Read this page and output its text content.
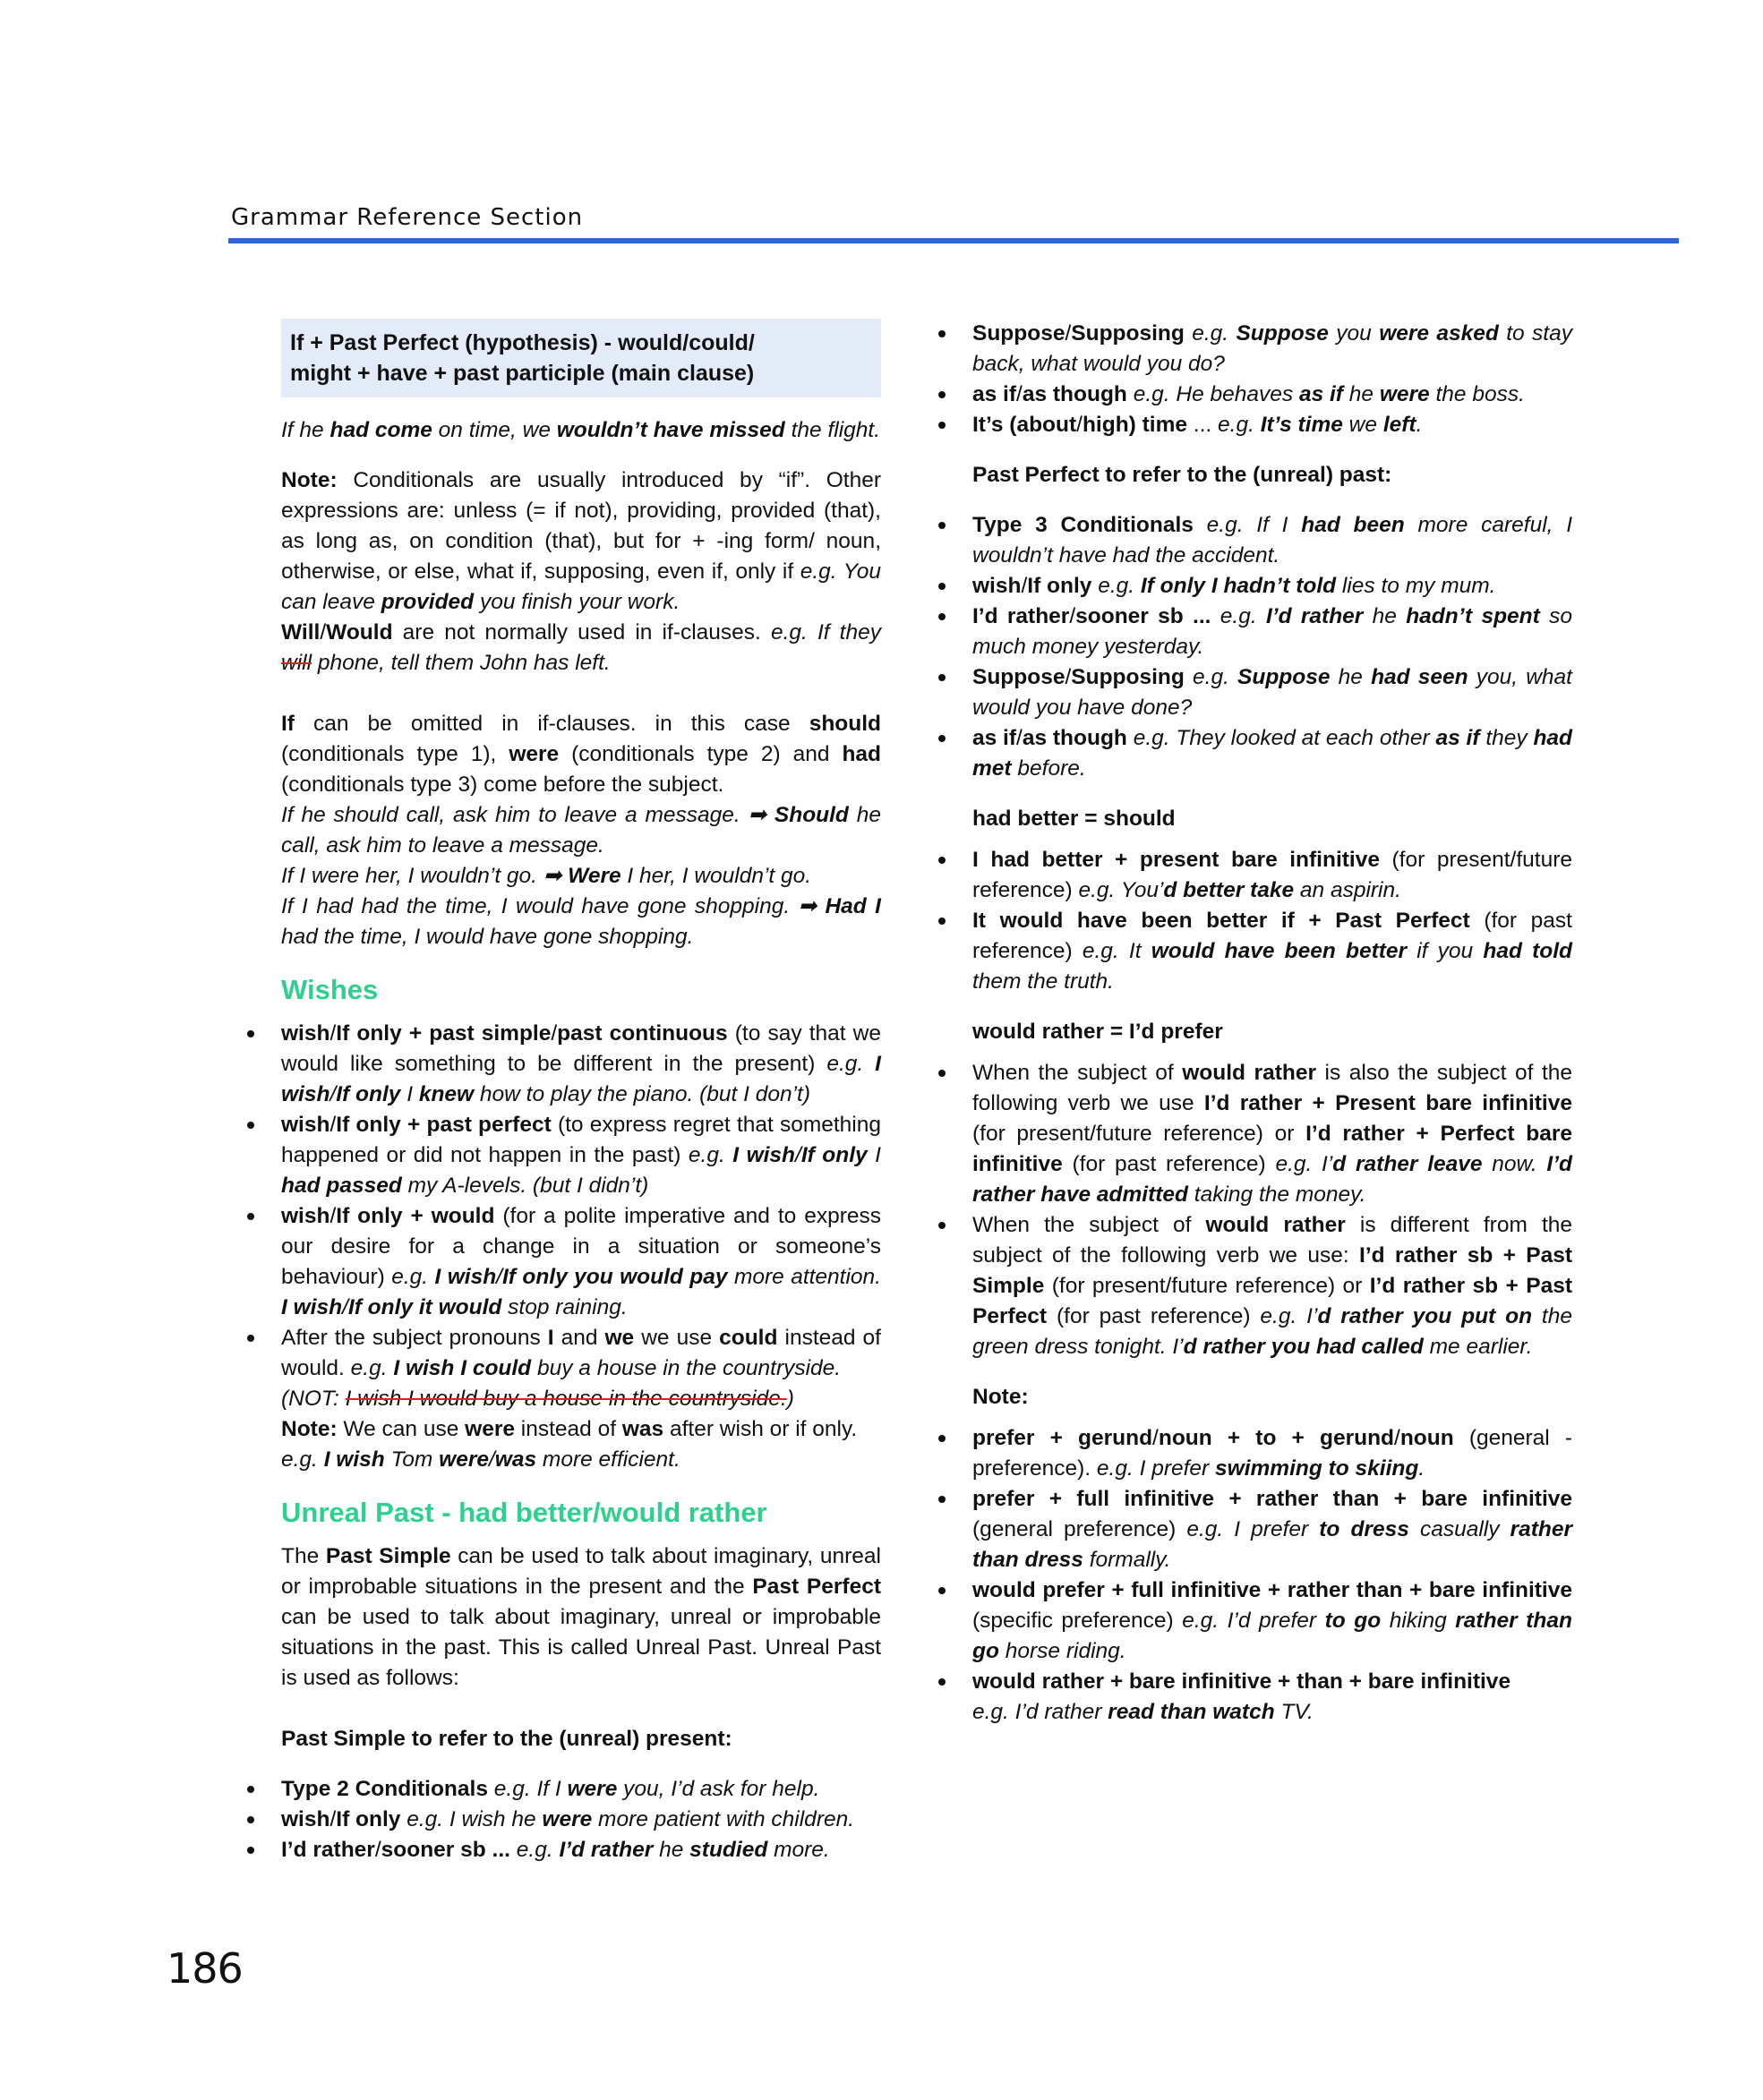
Grammar Reference Section
If + Past Perfect (hypothesis) - would/could/
might + have + past participle (main clause)

If he had come on time, we wouldn’t have missed the flight.

Note: Conditionals are usually introduced by “if”. Other expressions are: unless (= if not), providing, provided (that), as long as, on condition (that), but for + -ing form/ noun, otherwise, or else, what if, supposing, even if, only if e.g. You can leave provided you finish your work.

Will/Would are not normally used in if-clauses. e.g. If they will phone, tell them John has left.

If can be omitted in if-clauses. in this case should (conditionals type 1), were (conditionals type 2) and had (conditionals type 3) come before the subject.

If he should call, ask him to leave a message. ➡ Should he call, ask him to leave a message.

If I were her, I wouldn’t go. ➡ Were I her, I wouldn’t go.

If I had had the time, I would have gone shopping. ➡ Had I had the time, I would have gone shopping.

Wishes
wish/If only + past simple/past continuous (to say that we would like something to be different in the present) e.g. I wish/If only I knew how to play the piano. (but I don’t)
wish/If only + past perfect (to express regret that something happened or did not happen in the past) e.g. I wish/If only I had passed my A-levels. (but I didn’t)
wish/If only + would (for a polite imperative and to express our desire for a change in a situation or someone’s behaviour) e.g. I wish/If only you would pay more attention. I wish/If only it would stop raining.
After the subject pronouns I and we we use could instead of would. e.g. I wish I could buy a house in the countryside.
(NOT: I wish I would buy a house in the countryside.)
Note: We can use were instead of was after wish or if only.
e.g. I wish Tom were/was more efficient.
Unreal Past - had better/would rather

The Past Simple can be used to talk about imaginary, unreal or improbable situations in the present and the Past Perfect can be used to talk about imaginary, unreal or improbable situations in the past. This is called Unreal Past. Unreal Past is used as follows:

Past Simple to refer to the (unreal) present:

Type 2 Conditionals e.g. If I were you, I’d ask for help.
wish/If only e.g. I wish he were more patient with children.
I’d rather/sooner sb ... e.g. I’d rather he studied more.
Suppose/Supposing e.g. Suppose you were asked to stay back, what would you do?
as if/as though e.g. He behaves as if he were the boss.
It’s (about/high) time ... e.g. It’s time we left.

Past Perfect to refer to the (unreal) past:

Type 3 Conditionals e.g. If I had been more careful, I wouldn’t have had the accident.
wish/If only e.g. If only I hadn’t told lies to my mum.
I’d rather/sooner sb ... e.g. I’d rather he hadn’t spent so much money yesterday.
Suppose/Supposing e.g. Suppose he had seen you, what would you have done?
as if/as though e.g. They looked at each other as if they had met before.

had better = should

I had better + present bare infinitive (for present/future reference) e.g. You’d better take an aspirin.
It would have been better if + Past Perfect (for past reference) e.g. It would have been better if you had told them the truth.

would rather = I’d prefer

When the subject of would rather is also the subject of the following verb we use I’d rather + Present bare infinitive (for present/future reference) or I’d rather + Perfect bare infinitive (for past reference) e.g. I’d rather leave now. I’d rather have admitted taking the money.
When the subject of would rather is different from the subject of the following verb we use: I’d rather sb + Past Simple (for present/future reference) or I’d rather sb + Past Perfect (for past reference) e.g. I’d rather you put on the green dress tonight. I’d rather you had called me earlier.

Note:

prefer + gerund/noun + to + gerund/noun (general - preference). e.g. I prefer swimming to skiing.
prefer + full infinitive + rather than + bare infinitive (general preference) e.g. I prefer to dress casually rather than dress formally.
would prefer + full infinitive + rather than + bare infinitive (specific preference) e.g. I’d prefer to go hiking rather than go horse riding.
would rather + bare infinitive + than + bare infinitive
e.g. I’d rather read than watch TV.
186
